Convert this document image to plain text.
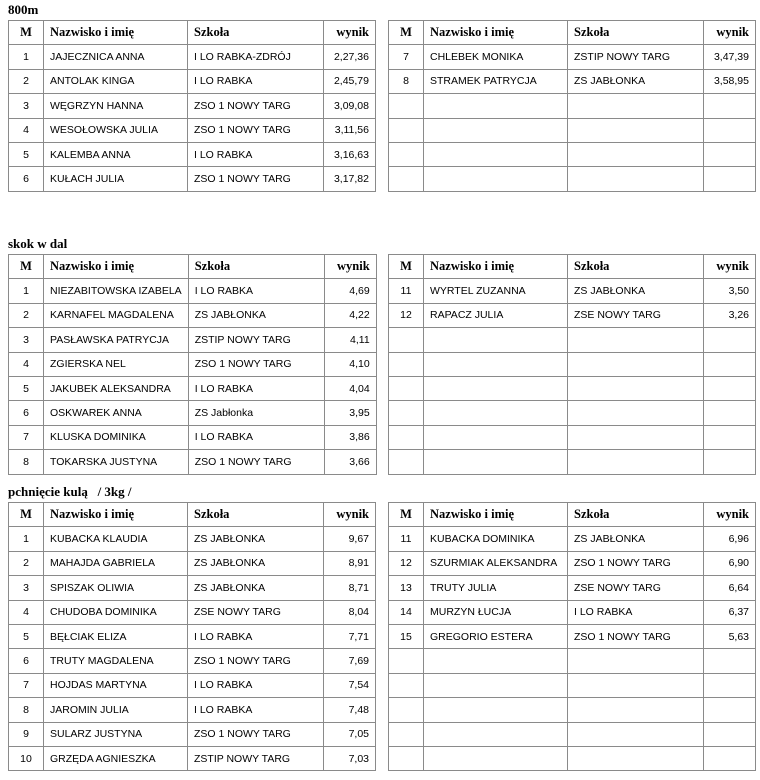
800m
M	Nazwisko i imię	Szkoła	wynik
1	JAJECZNICA ANNA	I LO RABKA-ZDRÓJ	2,27,36
2	ANTOLAK KINGA	I LO RABKA	2,45,79
3	WĘGRZYN HANNA	ZSO 1 NOWY TARG	3,09,08
4	WESOŁOWSKA JULIA	ZSO 1 NOWY TARG	3,11,56
5	KALEMBA ANNA	I LO RABKA	3,16,63
6	KUŁACH JULIA	ZSO 1 NOWY TARG	3,17,82
M	Nazwisko i imię	Szkoła	wynik
7	CHLEBEK MONIKA	ZSTIP NOWY TARG	3,47,39
8	STRAMEK PATRYCJA	ZS JABŁONKA	3,58,95

skok w dal
M	Nazwisko i imię	Szkoła	wynik
1	NIEZABITOWSKA IZABELA	I LO RABKA	4,69
2	KARNAFEL MAGDALENA	ZS JABŁONKA	4,22
3	PASŁAWSKA PATRYCJA	ZSTIP NOWY TARG	4,11
4	ZGIERSKA NEL	ZSO 1 NOWY TARG	4,10
5	JAKUBEK ALEKSANDRA	I LO RABKA	4,04
6	OSKWAREK ANNA	ZS Jabłonka	3,95
7	KLUSKA DOMINIKA	I LO RABKA	3,86
8	TOKARSKA JUSTYNA	ZSO 1 NOWY TARG	3,66
M	Nazwisko i imię	Szkoła	wynik
11	WYRTEL ZUZANNA	ZS JABŁONKA	3,50
12	RAPACZ JULIA	ZSE NOWY TARG	3,26

pchnięcie kulą   / 3kg /
M	Nazwisko i imię	Szkoła	wynik
1	KUBACKA KLAUDIA	ZS JABŁONKA	9,67
2	MAHAJDA GABRIELA	ZS JABŁONKA	8,91
3	SPISZAK OLIWIA	ZS JABŁONKA	8,71
4	CHUDOBA DOMINIKA	ZSE NOWY TARG	8,04
5	BĘŁCIAK ELIZA	I LO RABKA	7,71
6	TRUTY MAGDALENA	ZSO 1 NOWY TARG	7,69
7	HOJDAS MARTYNA	I LO RABKA	7,54
8	JAROMIN JULIA	I LO RABKA	7,48
9	SULARZ JUSTYNA	ZSO 1 NOWY TARG	7,05
10	GRZĘDA AGNIESZKA	ZSTIP NOWY TARG	7,03
M	Nazwisko i imię	Szkoła	wynik
11	KUBACKA DOMINIKA	ZS JABŁONKA	6,96
12	SZURMIAK ALEKSANDRA	ZSO 1 NOWY TARG	6,90
13	TRUTY JULIA	ZSE NOWY TARG	6,64
14	MURZYN ŁUCJA	I LO RABKA	6,37
15	GREGORIO ESTERA	ZSO 1 NOWY TARG	5,63
